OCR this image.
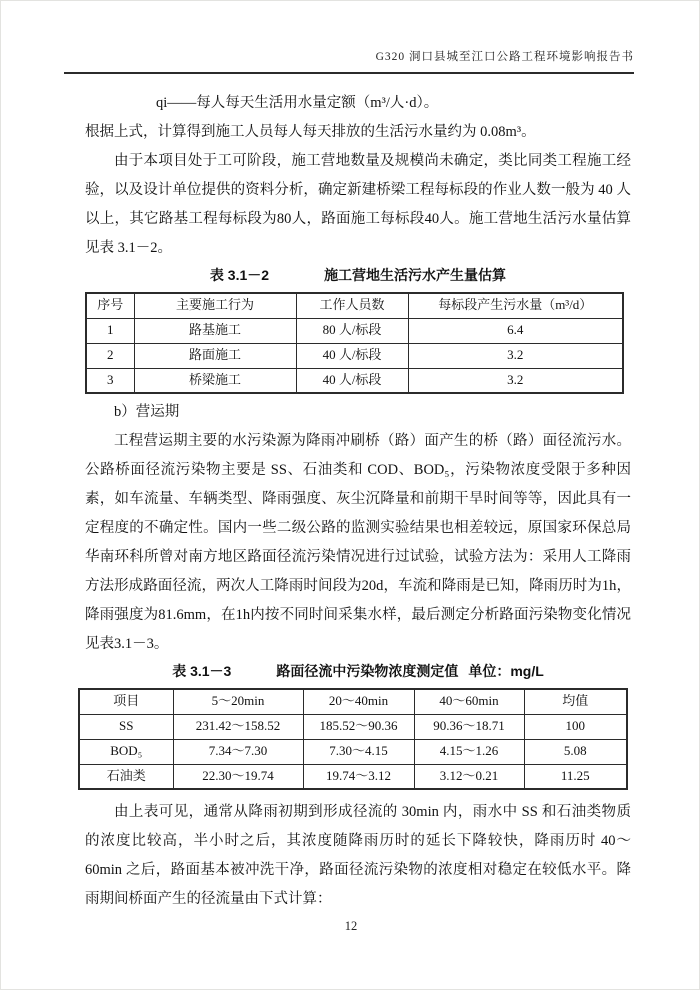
G320 洞口县城至江口公路工程环境影响报告书

qi——每人每天生活用水量定额（m³/人·d）。

根据上式，计算得到施工人员每人每天排放的生活污水量约为 0.08m³。

由于本项目处于工可阶段，施工营地数量及规模尚未确定，类比同类工程施工经验，以及设计单位提供的资料分析，确定新建桥梁工程每标段的作业人数一般为 40 人以上，其它路基工程每标段为80人，路面施工每标段40人。施工营地生活污水量估算见表 3.1－2。

表 3.1－2	施工营地生活污水产生量估算
序号	主要施工行为	工作人员数	每标段产生污水量（m³/d）
1	路基施工	80 人/标段	6.4
2	路面施工	40 人/标段	3.2
3	桥梁施工	40 人/标段	3.2

b）营运期

工程营运期主要的水污染源为降雨冲刷桥（路）面产生的桥（路）面径流污水。公路桥面径流污染物主要是 SS、石油类和 COD、BOD₅，污染物浓度受限于多种因素，如车流量、车辆类型、降雨强度、灰尘沉降量和前期干旱时间等等，因此具有一定程度的不确定性。国内一些二级公路的监测实验结果也相差较远，原国家环保总局华南环科所曾对南方地区路面径流污染情况进行过试验，试验方法为：采用人工降雨方法形成路面径流，两次人工降雨时间段为20d，车流和降雨是已知，降雨历时为1h，降雨强度为81.6mm，在1h内按不同时间采集水样，最后测定分析路面污染物变化情况见表3.1－3。

表 3.1－3	路面径流中污染物浓度测定值 单位：mg/L
项目	5～20min	20～40min	40～60min	均值
SS	231.42～158.52	185.52～90.36	90.36～18.71	100
BOD₅	7.34～7.30	7.30～4.15	4.15～1.26	5.08
石油类	22.30～19.74	19.74～3.12	3.12～0.21	11.25

由上表可见，通常从降雨初期到形成径流的 30min 内，雨水中 SS 和石油类物质的浓度比较高，半小时之后，其浓度随降雨历时的延长下降较快，降雨历时 40～60min 之后，路面基本被冲洗干净，路面径流污染物的浓度相对稳定在较低水平。降雨期间桥面产生的径流量由下式计算：

12
